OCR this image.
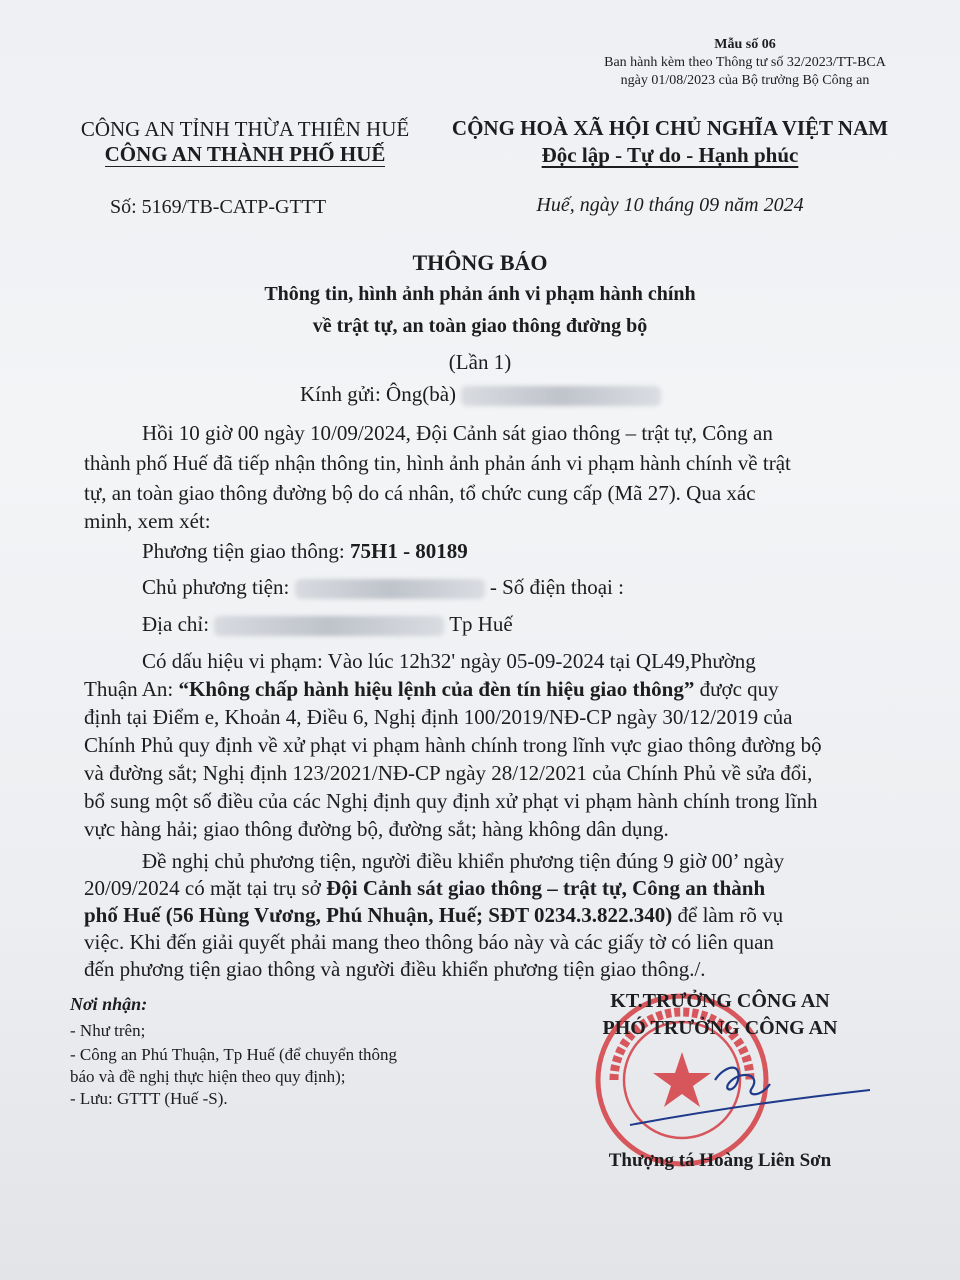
Mẫu số 06
Ban hành kèm theo Thông tư số 32/2023/TT-BCA
ngày 01/08/2023 của Bộ trưởng Bộ Công an
CÔNG AN TỈNH THỪA THIÊN HUẾ
CÔNG AN THÀNH PHỐ HUẾ
CỘNG HOÀ XÃ HỘI CHỦ NGHĨA VIỆT NAM
Độc lập - Tự do - Hạnh phúc
Số: 5169/TB-CATP-GTTT	Huế, ngày 10 tháng 09 năm 2024
THÔNG BÁO
Thông tin, hình ảnh phản ánh vi phạm hành chính
về trật tự, an toàn giao thông đường bộ
(Lần 1)
Kính gửi: Ông(bà)
Hồi 10 giờ 00 ngày 10/09/2024, Đội Cảnh sát giao thông – trật tự, Công an
thành phố Huế đã tiếp nhận thông tin, hình ảnh phản ánh vi phạm hành chính về trật
tự, an toàn giao thông đường bộ do cá nhân, tổ chức cung cấp (Mã 27). Qua xác
minh, xem xét:
Phương tiện giao thông: 75H1 - 80189
Chủ phương tiện:	- Số điện thoại :
Địa chỉ:	Tp Huế
Có dấu hiệu vi phạm: Vào lúc 12h32' ngày 05-09-2024 tại QL49,Phường
Thuận An: “Không chấp hành hiệu lệnh của đèn tín hiệu giao thông” được quy
định tại Điểm e, Khoản 4, Điều 6, Nghị định 100/2019/NĐ-CP ngày 30/12/2019 của
Chính Phủ quy định về xử phạt vi phạm hành chính trong lĩnh vực giao thông đường bộ
và đường sắt; Nghị định 123/2021/NĐ-CP ngày 28/12/2021 của Chính Phủ về sửa đổi,
bổ sung một số điều của các Nghị định quy định xử phạt vi phạm hành chính trong lĩnh
vực hàng hải; giao thông đường bộ, đường sắt; hàng không dân dụng.
Đề nghị chủ phương tiện, người điều khiển phương tiện đúng 9 giờ 00’ ngày
20/09/2024 có mặt tại trụ sở Đội Cảnh sát giao thông – trật tự, Công an thành
phố Huế (56 Hùng Vương, Phú Nhuận, Huế; SĐT 0234.3.822.340) để làm rõ vụ
việc. Khi đến giải quyết phải mang theo thông báo này và các giấy tờ có liên quan
đến phương tiện giao thông và người điều khiển phương tiện giao thông./.
Nơi nhận:
- Như trên;
- Công an Phú Thuận, Tp Huế (để chuyển thông
báo và đề nghị thực hiện theo quy định);
- Lưu: GTTT (Huế -S).
KT.TRƯỞNG CÔNG AN
PHÓ TRƯỞNG CÔNG AN
Thượng tá Hoàng Liên Sơn
